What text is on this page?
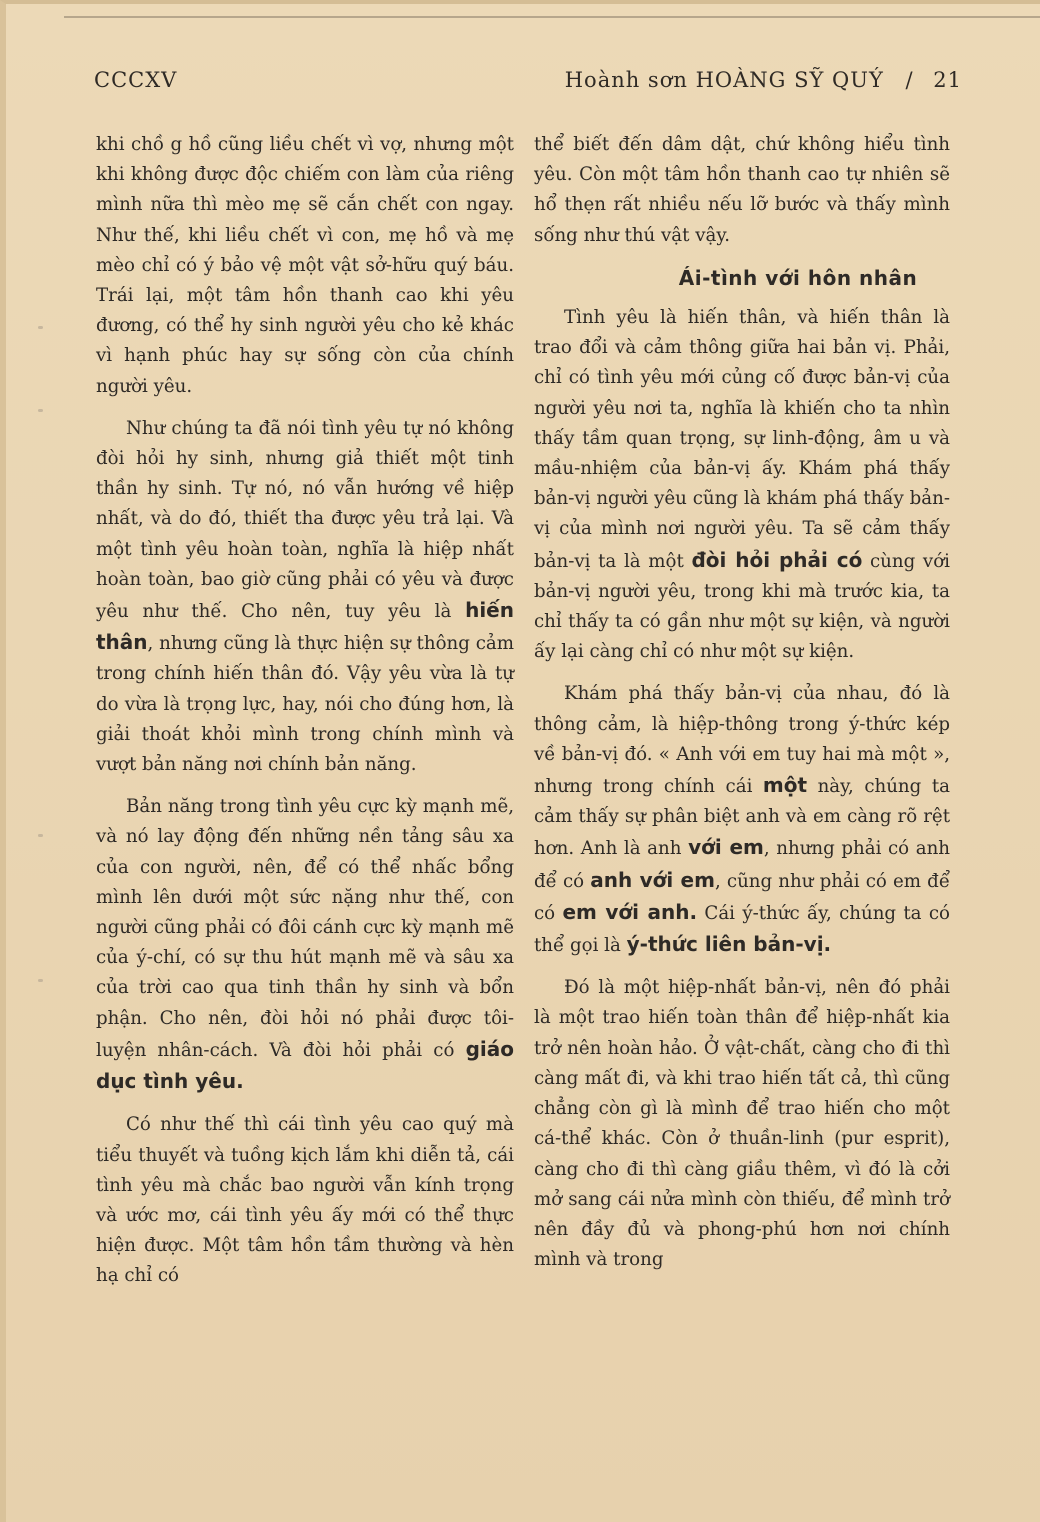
CCCXV	Hoành sơn HOÀNG SỸ QUÝ / 21

khi chồ g hồ cũng liều chết vì vợ, nhưng một khi không được độc chiếm con làm của riêng mình nữa thì mèo mẹ sẽ cắn chết con ngay. Như thế, khi liều chết vì con, mẹ hồ và mẹ mèo chỉ có ý bảo vệ một vật sở-hữu quý báu. Trái lại, một tâm hồn thanh cao khi yêu đương, có thể hy sinh người yêu cho kẻ khác vì hạnh phúc hay sự sống còn của chính người yêu.

Như chúng ta đã nói tình yêu tự nó không đòi hỏi hy sinh, nhưng giả thiết một tinh thần hy sinh. Tự nó, nó vẫn hướng về hiệp nhất, và do đó, thiết tha được yêu trả lại. Và một tình yêu hoàn toàn, nghĩa là hiệp nhất hoàn toàn, bao giờ cũng phải có yêu và được yêu như thế. Cho nên, tuy yêu là hiến thân, nhưng cũng là thực hiện sự thông cảm trong chính hiến thân đó. Vậy yêu vừa là tự do vừa là trọng lực, hay, nói cho đúng hơn, là giải thoát khỏi mình trong chính mình và vượt bản năng nơi chính bản năng.

Bản năng trong tình yêu cực kỳ mạnh mẽ, và nó lay động đến những nền tảng sâu xa của con người, nên, để có thể nhấc bổng mình lên dưới một sức nặng như thế, con người cũng phải có đôi cánh cực kỳ mạnh mẽ của ý-chí, có sự thu hút mạnh mẽ và sâu xa của trời cao qua tinh thần hy sinh và bổn phận. Cho nên, đòi hỏi nó phải được tôi-luyện nhân-cách. Và đòi hỏi phải có giáo dục tình yêu.

Có như thế thì cái tình yêu cao quý mà tiểu thuyết và tuồng kịch lắm khi diễn tả, cái tình yêu mà chắc bao người vẫn kính trọng và ước mơ, cái tình yêu ấy mới có thể thực hiện được. Một tâm hồn tầm thường và hèn hạ chỉ có

thể biết đến dâm dật, chứ không hiểu tình yêu. Còn một tâm hồn thanh cao tự nhiên sẽ hổ thẹn rất nhiều nếu lỡ bước và thấy mình sống như thú vật vậy.

Ái-tình với hôn nhân

Tình yêu là hiến thân, và hiến thân là trao đổi và cảm thông giữa hai bản vị. Phải, chỉ có tình yêu mới củng cố được bản-vị của người yêu nơi ta, nghĩa là khiến cho ta nhìn thấy tầm quan trọng, sự linh-động, âm u và mầu-nhiệm của bản-vị ấy. Khám phá thấy bản-vị người yêu cũng là khám phá thấy bản-vị của mình nơi người yêu. Ta sẽ cảm thấy bản-vị ta là một đòi hỏi phải có cùng với bản-vị người yêu, trong khi mà trước kia, ta chỉ thấy ta có gần như một sự kiện, và người ấy lại càng chỉ có như một sự kiện.

Khám phá thấy bản-vị của nhau, đó là thông cảm, là hiệp-thông trong ý-thức kép về bản-vị đó. « Anh với em tuy hai mà một », nhưng trong chính cái một này, chúng ta cảm thấy sự phân biệt anh và em càng rõ rệt hơn. Anh là anh với em, nhưng phải có anh để có anh với em, cũng như phải có em để có em với anh. Cái ý-thức ấy, chúng ta có thể gọi là ý-thức liên bản-vị.

Đó là một hiệp-nhất bản-vị, nên đó phải là một trao hiến toàn thân để hiệp-nhất kia trở nên hoàn hảo. Ở vật-chất, càng cho đi thì càng mất đi, và khi trao hiến tất cả, thì cũng chẳng còn gì là mình để trao hiến cho một cá-thể khác. Còn ở thuần-linh (pur esprit), càng cho đi thì càng giầu thêm, vì đó là cởi mở sang cái nửa mình còn thiếu, để mình trở nên đầy đủ và phong-phú hơn nơi chính mình và trong
